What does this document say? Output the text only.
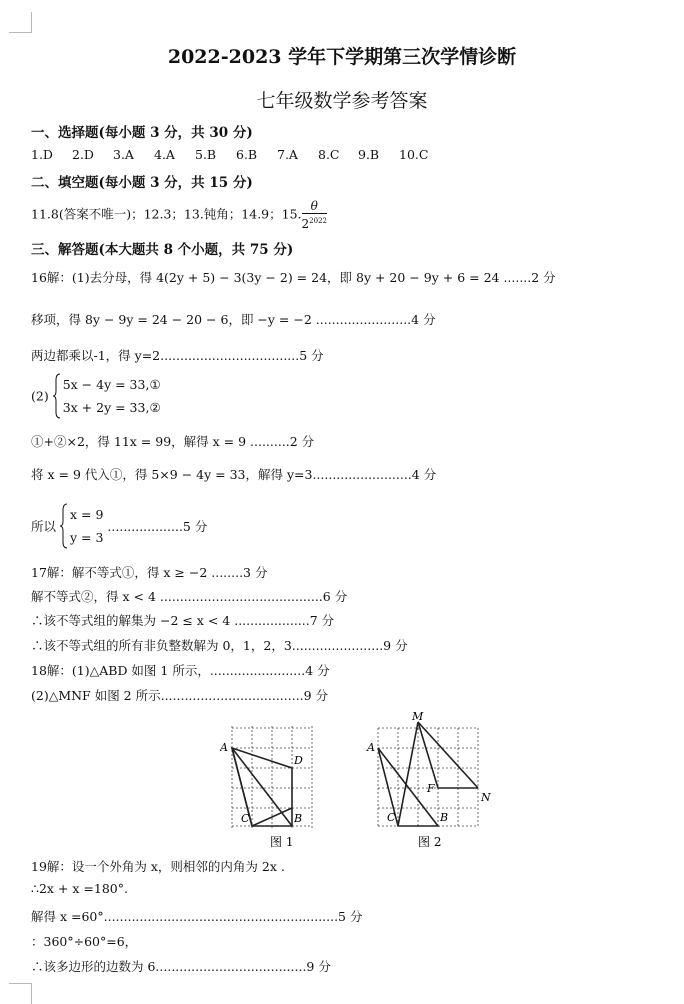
2022-2023 学年下学期第三次学情诊断
七年级数学参考答案
一、选择题(每小题 3 分，共 30 分)
1.D 2.D 3.A 4.A 5.B 6.B 7.A 8.C 9.B 10.C
二、填空题(每小题 3 分，共 15 分)
11.8(答案不唯一)；12.3；13.钝角；14.9；15. $\frac{\theta}{2^{2022}}$
三、解答题(本大题共 8 个小题，共 75 分)
16解：(1)去分母，得 4(2y + 5) − 3(3y − 2) = 24，即 8y + 20 − 9y + 6 = 24 .......2 分
移项，得 8y − 9y = 24 − 20 − 6，即 −y = −2 ........................4 分
两边都乘以-1，得 y=2...................................5 分
(2)
5x − 4y = 33,①
3x + 2y = 33,②
①+②×2，得 11x = 99，解得 x = 9 ..........2 分
将 x = 9 代入①，得 5×9 − 4y = 33，解得 y=3.........................4 分
所以
x = 9
y = 3
...................5 分
17解：解不等式①，得 x ≥ −2 ........3 分
解不等式②，得 x < 4 .........................................6 分
∴该不等式组的解集为 −2 ≤ x < 4 ...................7 分
∴该不等式组的所有非负整数解为 0，1，2，3.......................9 分
18解：(1)△ABD 如图 1 所示，........................4 分
(2)△MNF 如图 2 所示....................................9 分
A
D
C	B
图 1
A
M
F
N
C	B
图 2
19解：设一个外角为 x，则相邻的内角为 2x .
∴2x + x =180°.
解得 x =60°...........................................................5 分
：360°÷60°=6，
∴该多边形的边数为 6......................................9 分
